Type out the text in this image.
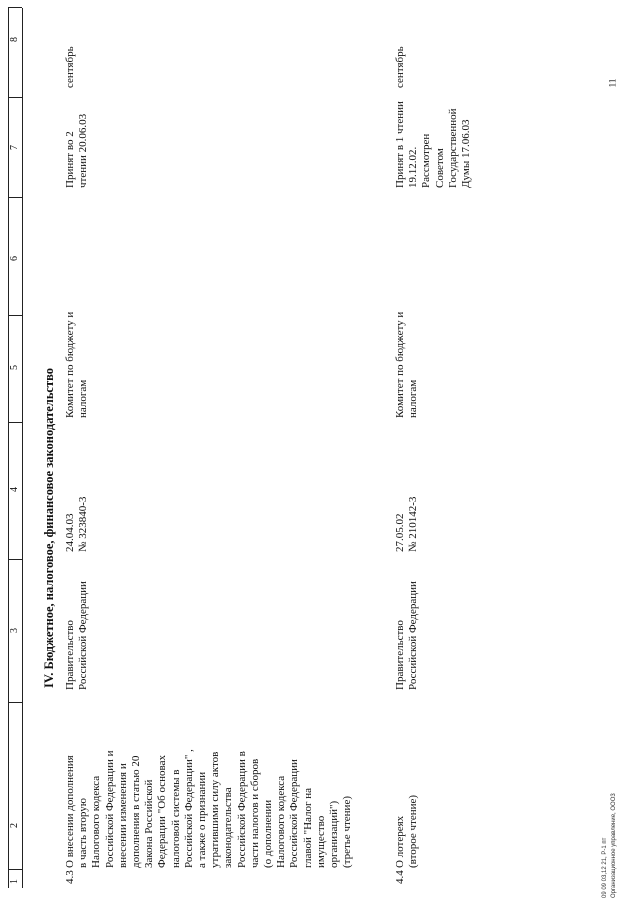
1
2
3
4
5
6
7
8
IV. Бюджетное, налоговое, финансовое законодательство
4.3
О внесении дополнения
в часть вторую
Налогового кодекса
Российской Федерации и
внесении изменения и
дополнения в статью 20
Закона Российской
Федерации "Об основах
налоговой системы в
Российской Федерации" ,
а также о признании
утратившими силу актов
законодательства
Российской Федерации в
части налогов и сборов
(о дополнении
Налогового кодекса
Российской Федерации
главой "Налог на
имущество
организаций")
(третье чтение)
Правительство
Российской Федерации
24.04.03
№ 323840-3
Комитет по бюджету и
налогам
Принят во 2
чтении 20.06.03
сентябрь
4.4
О лотереях
(второе чтение)
Правительство
Российской Федерации
27.05.02
№ 210142-3
Комитет по бюджету и
налогам
Принят в 1 чтении
19.12.02.
Рассмотрен
Советом
Государственной
Думы 17.06.03
сентябрь	11
09 09 03,12 21, Р-1 пт Организационное управление, ООО3
